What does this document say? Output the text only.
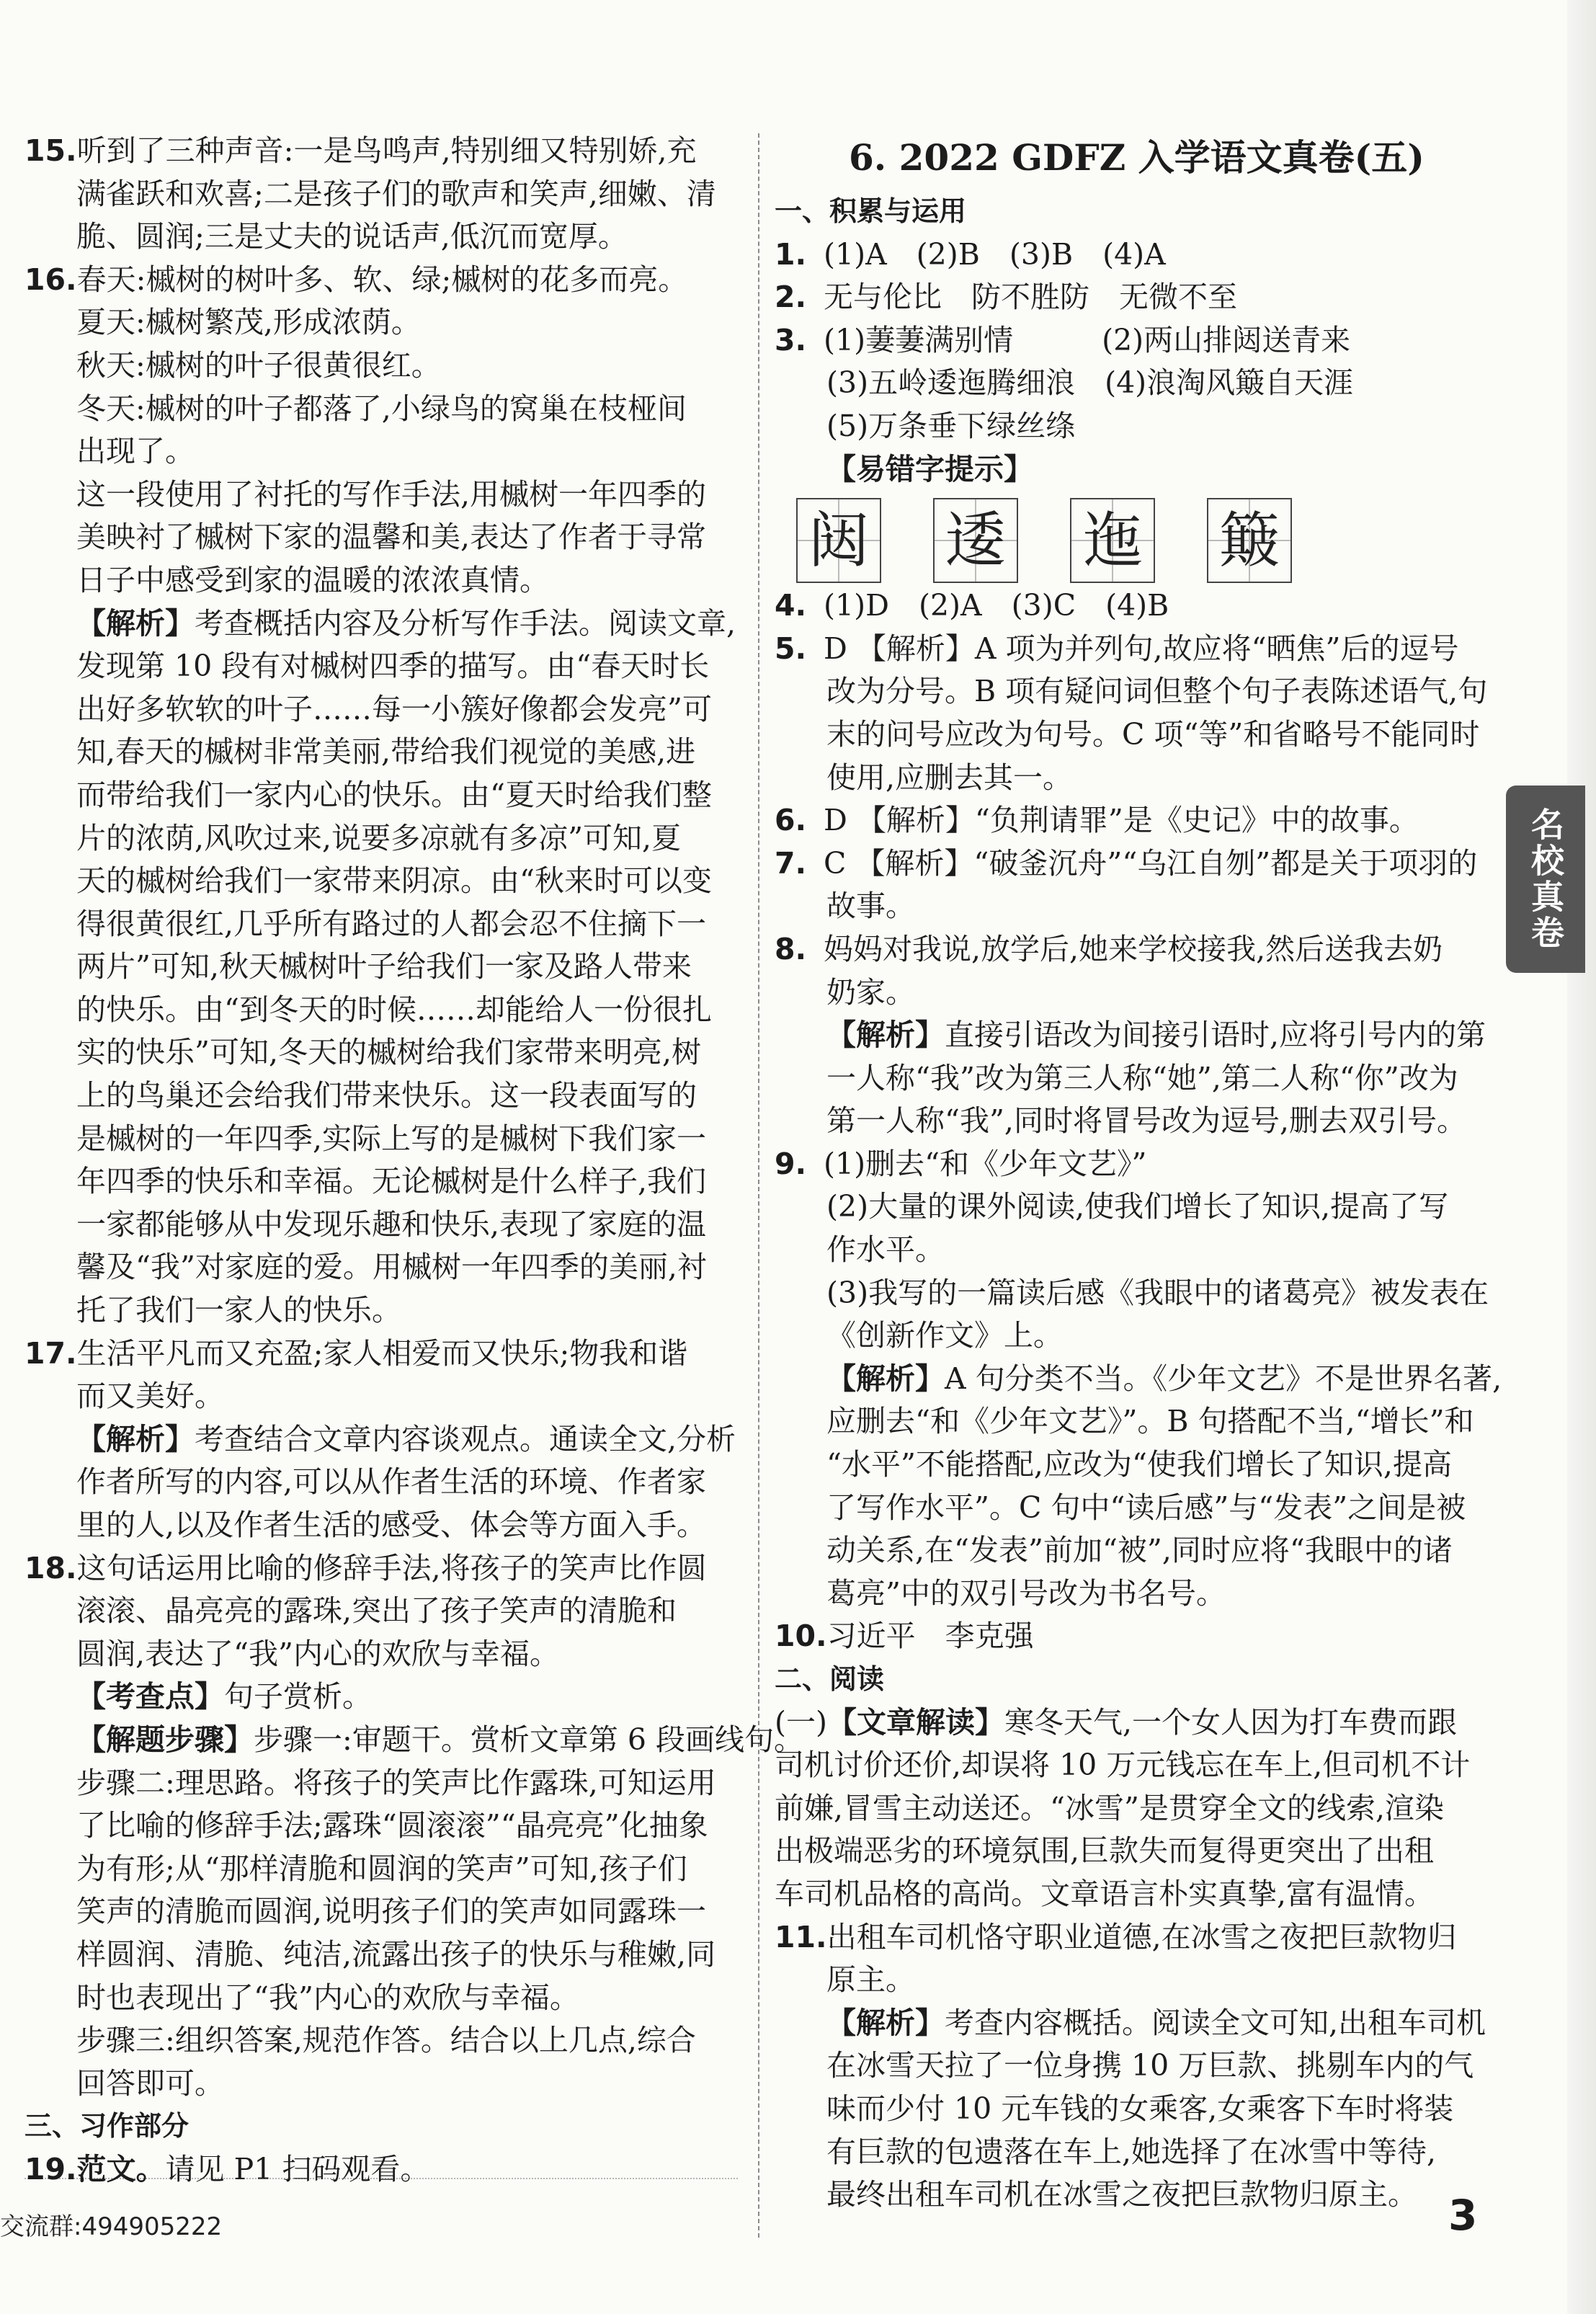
15.听到了三种声音:一是鸟鸣声,特别细又特别娇,充
满雀跃和欢喜;二是孩子们的歌声和笑声,细嫩、清
脆、圆润;三是丈夫的说话声,低沉而宽厚。
16.春天:槭树的树叶多、软、绿;槭树的花多而亮。
夏天:槭树繁茂,形成浓荫。
秋天:槭树的叶子很黄很红。
冬天:槭树的叶子都落了,小绿鸟的窝巢在枝桠间
出现了。
这一段使用了衬托的写作手法,用槭树一年四季的
美映衬了槭树下家的温馨和美,表达了作者于寻常
日子中感受到家的温暖的浓浓真情。
【解析】考查概括内容及分析写作手法。阅读文章,
发现第 10 段有对槭树四季的描写。由“春天时长
出好多软软的叶子……每一小簇好像都会发亮”可
知,春天的槭树非常美丽,带给我们视觉的美感,进
而带给我们一家内心的快乐。由“夏天时给我们整
片的浓荫,风吹过来,说要多凉就有多凉”可知,夏
天的槭树给我们一家带来阴凉。由“秋来时可以变
得很黄很红,几乎所有路过的人都会忍不住摘下一
两片”可知,秋天槭树叶子给我们一家及路人带来
的快乐。由“到冬天的时候……却能给人一份很扎
实的快乐”可知,冬天的槭树给我们家带来明亮,树
上的鸟巢还会给我们带来快乐。这一段表面写的
是槭树的一年四季,实际上写的是槭树下我们家一
年四季的快乐和幸福。无论槭树是什么样子,我们
一家都能够从中发现乐趣和快乐,表现了家庭的温
馨及“我”对家庭的爱。用槭树一年四季的美丽,衬
托了我们一家人的快乐。
17.生活平凡而又充盈;家人相爱而又快乐;物我和谐
而又美好。
【解析】考查结合文章内容谈观点。通读全文,分析
作者所写的内容,可以从作者生活的环境、作者家
里的人,以及作者生活的感受、体会等方面入手。
18.这句话运用比喻的修辞手法,将孩子的笑声比作圆
滚滚、晶亮亮的露珠,突出了孩子笑声的清脆和
圆润,表达了“我”内心的欢欣与幸福。
【考查点】句子赏析。
【解题步骤】步骤一:审题干。赏析文章第 6 段画线句。
步骤二:理思路。将孩子的笑声比作露珠,可知运用
了比喻的修辞手法;露珠“圆滚滚”“晶亮亮”化抽象
为有形;从“那样清脆和圆润的笑声”可知,孩子们
笑声的清脆而圆润,说明孩子们的笑声如同露珠一
样圆润、清脆、纯洁,流露出孩子的快乐与稚嫩,同
时也表现出了“我”内心的欢欣与幸福。
步骤三:组织答案,规范作答。结合以上几点,综合
回答即可。
三、习作部分
19.范文。请见 P1 扫码观看。
6. 2022 GDFZ 入学语文真卷(五)
一、积累与运用
1. (1)A　(2)B　(3)B　(4)A
2. 无与伦比　防不胜防　无微不至
3. (1)萋萋满别情　　　(2)两山排闼送青来
(3)五岭逶迤腾细浪　(4)浪淘风簸自天涯
(5)万条垂下绿丝绦
【易错字提示】
闼 逶 迤 簸
4. (1)D　(2)A　(3)C　(4)B
5. D 【解析】A 项为并列句,故应将“晒焦”后的逗号
改为分号。B 项有疑问词但整个句子表陈述语气,句
末的问号应改为句号。C 项“等”和省略号不能同时
使用,应删去其一。
6. D 【解析】“负荆请罪”是《史记》中的故事。
7. C 【解析】“破釜沉舟”“乌江自刎”都是关于项羽的
故事。
8. 妈妈对我说,放学后,她来学校接我,然后送我去奶
奶家。
【解析】直接引语改为间接引语时,应将引号内的第
一人称“我”改为第三人称“她”,第二人称“你”改为
第一人称“我”,同时将冒号改为逗号,删去双引号。
9. (1)删去“和《少年文艺》”
(2)大量的课外阅读,使我们增长了知识,提高了写
作水平。
(3)我写的一篇读后感《我眼中的诸葛亮》被发表在
《创新作文》上。
【解析】A 句分类不当。《少年文艺》不是世界名著,
应删去“和《少年文艺》”。B 句搭配不当,“增长”和
“水平”不能搭配,应改为“使我们增长了知识,提高
了写作水平”。C 句中“读后感”与“发表”之间是被
动关系,在“发表”前加“被”,同时应将“我眼中的诸
葛亮”中的双引号改为书名号。
10.习近平　李克强
二、阅读
(一)【文章解读】寒冬天气,一个女人因为打车费而跟
司机讨价还价,却误将 10 万元钱忘在车上,但司机不计
前嫌,冒雪主动送还。“冰雪”是贯穿全文的线索,渲染
出极端恶劣的环境氛围,巨款失而复得更突出了出租
车司机品格的高尚。文章语言朴实真挚,富有温情。
11.出租车司机恪守职业道德,在冰雪之夜把巨款物归
原主。
【解析】考查内容概括。阅读全文可知,出租车司机
在冰雪天拉了一位身携 10 万巨款、挑剔车内的气
味而少付 10 元车钱的女乘客,女乘客下车时将装
有巨款的包遗落在车上,她选择了在冰雪中等待,
最终出租车司机在冰雪之夜把巨款物归原主。
名校真卷
交流群:494905222	3
